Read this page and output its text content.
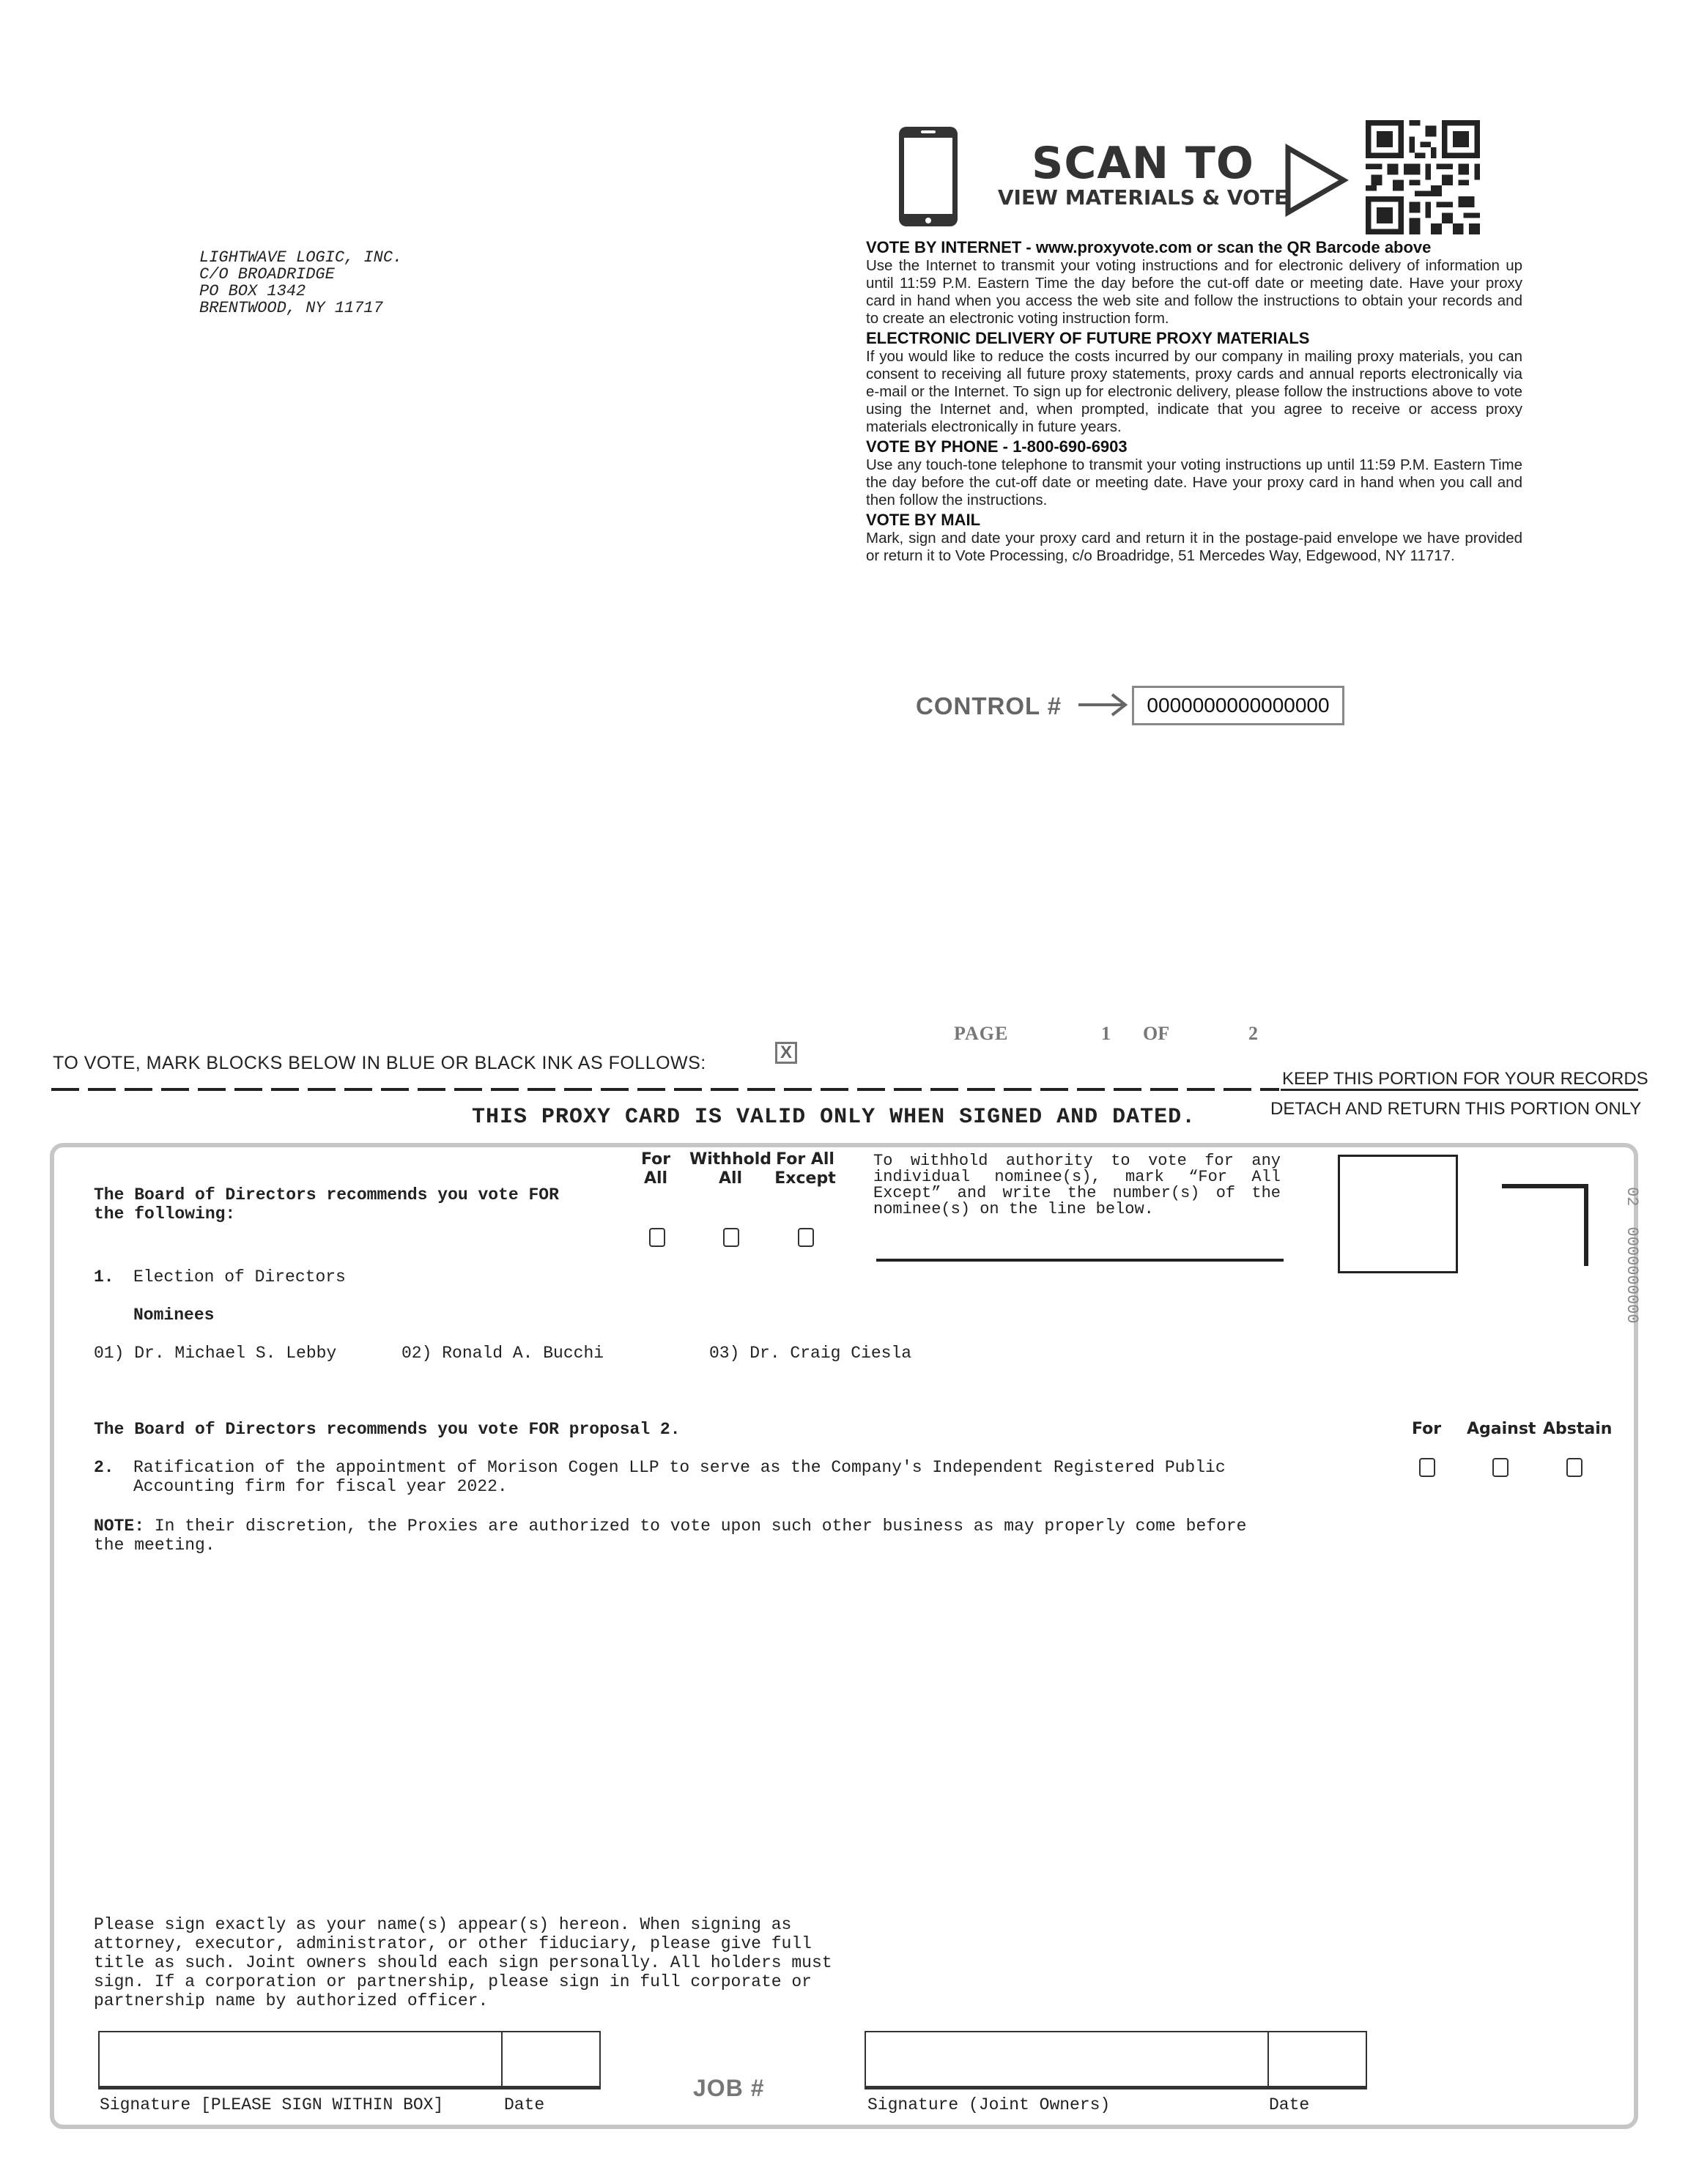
LIGHTWAVE LOGIC, INC.
C/O BROADRIDGE
PO BOX 1342
BRENTWOOD, NY 11717
SCAN TO
VIEW MATERIALS & VOTE
VOTE BY INTERNET - www.proxyvote.com or scan the QR Barcode above

Use the Internet to transmit your voting instructions and for electronic delivery of information up until 11:59 P.M. Eastern Time the day before the cut-off date or meeting date. Have your proxy card in hand when you access the web site and follow the instructions to obtain your records and to create an electronic voting instruction form.

ELECTRONIC DELIVERY OF FUTURE PROXY MATERIALS

If you would like to reduce the costs incurred by our company in mailing proxy materials, you can consent to receiving all future proxy statements, proxy cards and annual reports electronically via e-mail or the Internet. To sign up for electronic delivery, please follow the instructions above to vote using the Internet and, when prompted, indicate that you agree to receive or access proxy materials electronically in future years.

VOTE BY PHONE - 1-800-690-6903

Use any touch-tone telephone to transmit your voting instructions up until 11:59 P.M. Eastern Time the day before the cut-off date or meeting date. Have your proxy card in hand when you call and then follow the instructions.

VOTE BY MAIL

Mark, sign and date your proxy card and return it in the postage-paid envelope we have provided or return it to Vote Processing, c/o Broadridge, 51 Mercedes Way, Edgewood, NY 11717.

CONTROL #	0000000000000000
PAGE	1 OF	2
TO VOTE, MARK BLOCKS BELOW IN BLUE OR BLACK INK AS FOLLOWS:
X
KEEP THIS PORTION FOR YOUR RECORDS
DETACH AND RETURN THIS PORTION ONLY
THIS PROXY CARD IS VALID ONLY WHEN SIGNED AND DATED.
For
All
Withhold
All
For All
Except
To withhold authority to vote for any individual nominee(s), mark “For All Except” and write the number(s) of the nominee(s) on the line below.
020000000000
The Board of Directors recommends you vote FOR
the following:
1. Election of Directors
Nominees
01) Dr. Michael S. Lebby	02) Ronald A. Bucchi	03) Dr. Craig Ciesla
The Board of Directors recommends you vote FOR proposal 2.	For Against Abstain
2. Ratification of the appointment of Morison Cogen LLP to serve as the Company's Independent Registered Public
Accounting firm for fiscal year 2022.
NOTE: In their discretion, the Proxies are authorized to vote upon such other business as may properly come before
the meeting.
Please sign exactly as your name(s) appear(s) hereon. When signing as
attorney, executor, administrator, or other fiduciary, please give full
title as such. Joint owners should each sign personally. All holders must
sign. If a corporation or partnership, please sign in full corporate or
partnership name by authorized officer.
Signature [PLEASE SIGN WITHIN BOX]	Date
JOB #
Signature (Joint Owners)	Date
